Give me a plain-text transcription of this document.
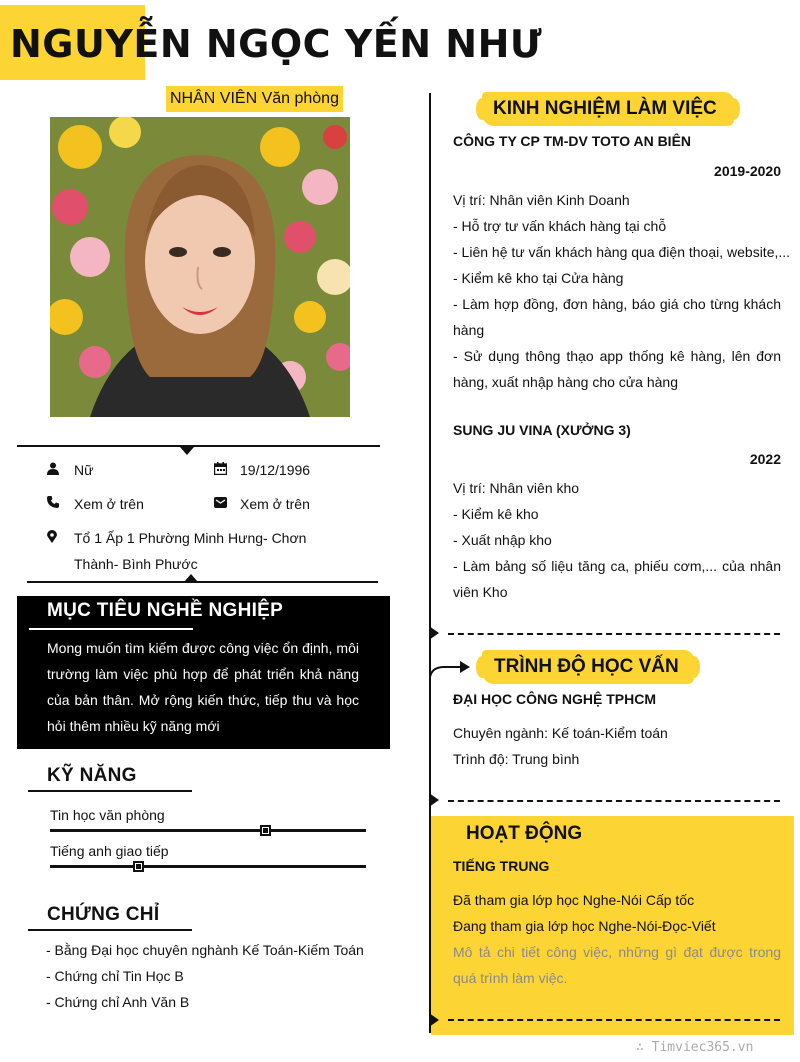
NGUYỄN NGỌC YẾN NHƯ
NHÂN VIÊN Văn phòng
Nữ	19/12/1996
Xem ở trên	Xem ở trên
Tổ 1 Ấp 1 Phường Minh Hưng- Chơn
Thành- Bình Phước
MỤC TIÊU NGHỀ NGHIỆP

Mong muốn tìm kiếm được công việc ổn định, môi trường làm việc phù hợp để phát triển khả năng của bản thân. Mở rộng kiến thức, tiếp thu và học hỏi thêm nhiều kỹ năng mới

KỸ NĂNG
Tin học văn phòng
Tiếng anh giao tiếp
CHỨNG CHỈ
- Bằng Đại học chuyên nghành Kế Toán-Kiếm Toán
- Chứng chỉ Tin Học B
- Chứng chỉ Anh Văn B
KINH NGHIỆM LÀM VIỆC
CÔNG TY CP TM-DV TOTO AN BIÊN
2019-2020
Vị trí: Nhân viên Kinh Doanh
- Hỗ trợ tư vấn khách hàng tại chỗ
- Liên hệ tư vấn khách hàng qua điện thoại, website,...
- Kiểm kê kho tại Cửa hàng
- Làm hợp đồng, đơn hàng, báo giá cho từng khách hàng
- Sử dụng thông thạo app thống kê hàng, lên đơn hàng, xuất nhập hàng cho cửa hàng
SUNG JU VINA (XƯỞNG 3)
2022
Vị trí: Nhân viên kho
- Kiểm kê kho
- Xuất nhập kho
- Làm bảng số liệu tăng ca, phiếu cơm,... của nhân viên Kho
TRÌNH ĐỘ HỌC VẤN
ĐẠI HỌC CÔNG NGHỆ TPHCM
Chuyên ngành: Kế toán-Kiểm toán
Trình độ: Trung bình
HOẠT ĐỘNG
TIẾNG TRUNG
Đã tham gia lớp học Nghe-Nói Cấp tốc
Đang tham gia lớp học Nghe-Nói-Đọc-Viết
Mô tả chi tiết công việc, những gì đạt được trong quá trình làm việc.
∴ Timviec365.vn
